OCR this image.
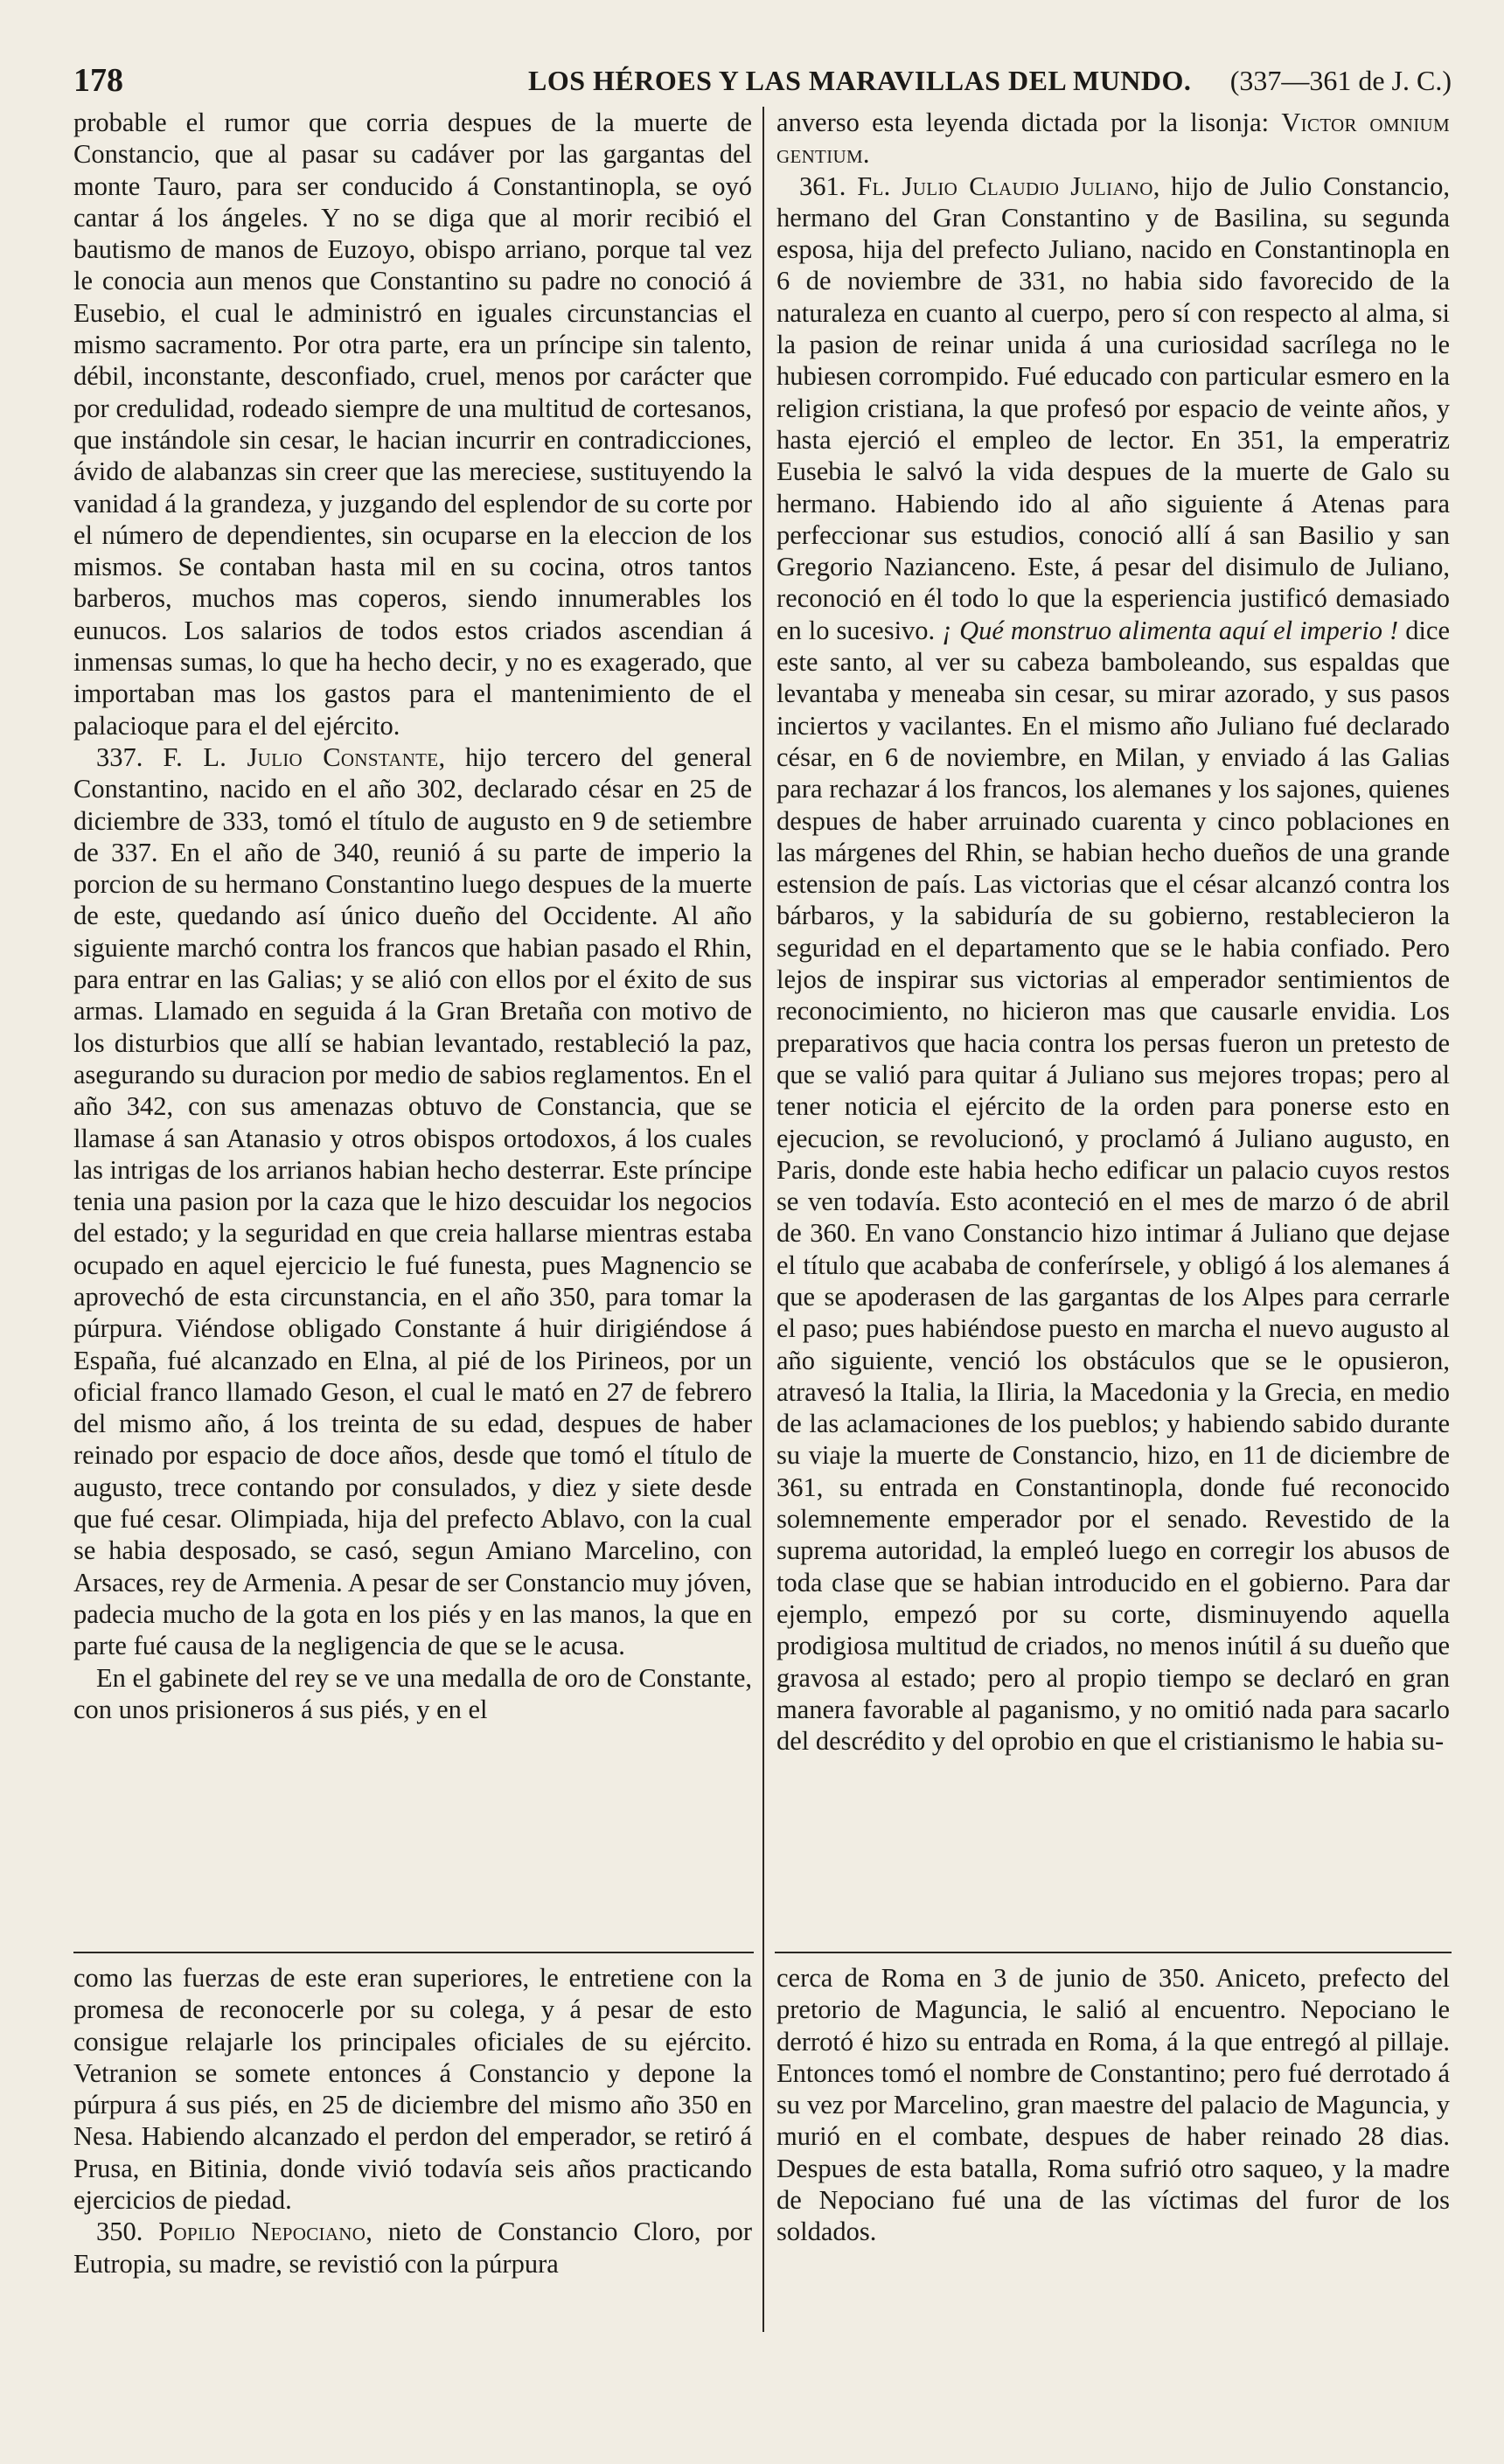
178	LOS HÉROES Y LAS MARAVILLAS DEL MUNDO. (337—361 de J. C.)

probable el rumor que corria despues de la muerte de Constancio, que al pasar su cadáver por las gargantas del monte Tauro, para ser conducido á Constantinopla, se oyó cantar á los ángeles. Y no se diga que al morir recibió el bautismo de manos de Euzoyo, obispo arriano, porque tal vez le conocia aun menos que Constantino su padre no conoció á Eusebio, el cual le administró en iguales circunstancias el mismo sacramento. Por otra parte, era un príncipe sin talento, débil, inconstante, desconfiado, cruel, menos por carácter que por credulidad, rodeado siempre de una multitud de cortesanos, que instándole sin cesar, le hacian incurrir en contradicciones, ávido de alabanzas sin creer que las mereciese, sustituyendo la vanidad á la grandeza, y juzgando del esplendor de su corte por el número de dependientes, sin ocuparse en la eleccion de los mismos. Se contaban hasta mil en su cocina, otros tantos barberos, muchos mas coperos, siendo innumerables los eunucos. Los salarios de todos estos criados ascendian á inmensas sumas, lo que ha hecho decir, y no es exagerado, que importaban mas los gastos para el mantenimiento de el palacioque para el del ejército.

337. F. L. Julio Constante, hijo tercero del general Constantino, nacido en el año 302, declarado césar en 25 de diciembre de 333, tomó el título de augusto en 9 de setiembre de 337. En el año de 340, reunió á su parte de imperio la porcion de su hermano Constantino luego despues de la muerte de este, quedando así único dueño del Occidente. Al año siguiente marchó contra los francos que habian pasado el Rhin, para entrar en las Galias; y se alió con ellos por el éxito de sus armas. Llamado en seguida á la Gran Bretaña con motivo de los disturbios que allí se habian levantado, restableció la paz, asegurando su duracion por medio de sabios reglamentos. En el año 342, con sus amenazas obtuvo de Constancia, que se llamase á san Atanasio y otros obispos ortodoxos, á los cuales las intrigas de los arrianos habian hecho desterrar. Este príncipe tenia una pasion por la caza que le hizo descuidar los negocios del estado; y la seguridad en que creia hallarse mientras estaba ocupado en aquel ejercicio le fué funesta, pues Magnencio se aprovechó de esta circunstancia, en el año 350, para tomar la púrpura. Viéndose obligado Constante á huir dirigiéndose á España, fué alcanzado en Elna, al pié de los Pirineos, por un oficial franco llamado Geson, el cual le mató en 27 de febrero del mismo año, á los treinta de su edad, despues de haber reinado por espacio de doce años, desde que tomó el título de augusto, trece contando por consulados, y diez y siete desde que fué cesar. Olimpiada, hija del prefecto Ablavo, con la cual se habia desposado, se casó, segun Amiano Marcelino, con Arsaces, rey de Armenia. A pesar de ser Constancio muy jóven, padecia mucho de la gota en los piés y en las manos, la que en parte fué causa de la negligencia de que se le acusa.

En el gabinete del rey se ve una medalla de oro de Constante, con unos prisioneros á sus piés, y en el

anverso esta leyenda dictada por la lisonja: Victor omnium gentium.

361. Fl. Julio Claudio Juliano, hijo de Julio Constancio, hermano del Gran Constantino y de Basilina, su segunda esposa, hija del prefecto Juliano, nacido en Constantinopla en 6 de noviembre de 331, no habia sido favorecido de la naturaleza en cuanto al cuerpo, pero sí con respecto al alma, si la pasion de reinar unida á una curiosidad sacrílega no le hubiesen corrompido. Fué educado con particular esmero en la religion cristiana, la que profesó por espacio de veinte años, y hasta ejerció el empleo de lector. En 351, la emperatriz Eusebia le salvó la vida despues de la muerte de Galo su hermano. Habiendo ido al año siguiente á Atenas para perfeccionar sus estudios, conoció allí á san Basilio y san Gregorio Nazianceno. Este, á pesar del disimulo de Juliano, reconoció en él todo lo que la esperiencia justificó demasiado en lo sucesivo. ¡ Qué monstruo alimenta aquí el imperio ! dice este santo, al ver su cabeza bamboleando, sus espaldas que levantaba y meneaba sin cesar, su mirar azorado, y sus pasos inciertos y vacilantes. En el mismo año Juliano fué declarado césar, en 6 de noviembre, en Milan, y enviado á las Galias para rechazar á los francos, los alemanes y los sajones, quienes despues de haber arruinado cuarenta y cinco poblaciones en las márgenes del Rhin, se habian hecho dueños de una grande estension de país. Las victorias que el césar alcanzó contra los bárbaros, y la sabiduría de su gobierno, restablecieron la seguridad en el departamento que se le habia confiado. Pero lejos de inspirar sus victorias al emperador sentimientos de reconocimiento, no hicieron mas que causarle envidia. Los preparativos que hacia contra los persas fueron un pretesto de que se valió para quitar á Juliano sus mejores tropas; pero al tener noticia el ejército de la orden para ponerse esto en ejecucion, se revolucionó, y proclamó á Juliano augusto, en Paris, donde este habia hecho edificar un palacio cuyos restos se ven todavía. Esto aconteció en el mes de marzo ó de abril de 360. En vano Constancio hizo intimar á Juliano que dejase el título que acababa de conferírsele, y obligó á los alemanes á que se apoderasen de las gargantas de los Alpes para cerrarle el paso; pues habiéndose puesto en marcha el nuevo augusto al año siguiente, venció los obstáculos que se le opusieron, atravesó la Italia, la Iliria, la Macedonia y la Grecia, en medio de las aclamaciones de los pueblos; y habiendo sabido durante su viaje la muerte de Constancio, hizo, en 11 de diciembre de 361, su entrada en Constantinopla, donde fué reconocido solemnemente emperador por el senado. Revestido de la suprema autoridad, la empleó luego en corregir los abusos de toda clase que se habian introducido en el gobierno. Para dar ejemplo, empezó por su corte, disminuyendo aquella prodigiosa multitud de criados, no menos inútil á su dueño que gravosa al estado; pero al propio tiempo se declaró en gran manera favorable al paganismo, y no omitió nada para sacarlo del descrédito y del oprobio en que el cristianismo le habia su-

como las fuerzas de este eran superiores, le entretiene con la promesa de reconocerle por su colega, y á pesar de esto consigue relajarle los principales oficiales de su ejército. Vetranion se somete entonces á Constancio y depone la púrpura á sus piés, en 25 de diciembre del mismo año 350 en Nesa. Habiendo alcanzado el perdon del emperador, se retiró á Prusa, en Bitinia, donde vivió todavía seis años practicando ejercicios de piedad.

350. Popilio Nepociano, nieto de Constancio Cloro, por Eutropia, su madre, se revistió con la púrpura

cerca de Roma en 3 de junio de 350. Aniceto, prefecto del pretorio de Maguncia, le salió al encuentro. Nepociano le derrotó é hizo su entrada en Roma, á la que entregó al pillaje. Entonces tomó el nombre de Constantino; pero fué derrotado á su vez por Marcelino, gran maestre del palacio de Maguncia, y murió en el combate, despues de haber reinado 28 dias. Despues de esta batalla, Roma sufrió otro saqueo, y la madre de Nepociano fué una de las víctimas del furor de los soldados.
